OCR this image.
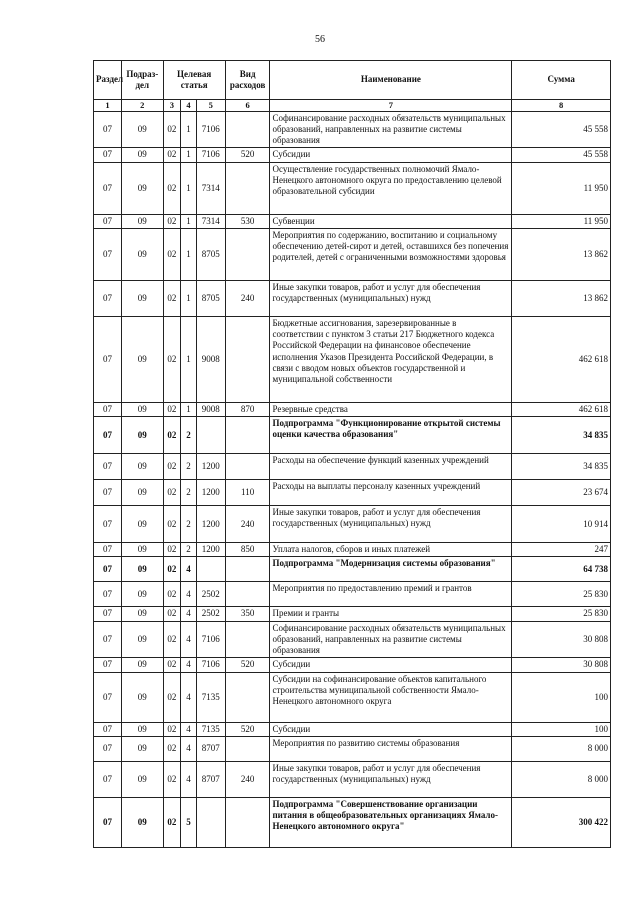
56
Раздел	Подраз-дел	Целевая статья			Вид расходов	Наименование	Сумма
1	2	3	4	5	6	7	8
07	09	02	1	7106		Софинансирование расходных обязательств муниципальных образований, направленных на развитие системы образования	45 558
07	09	02	1	7106	520	Субсидии	45 558
07	09	02	1	7314		Осуществление государственных полномочий Ямало-Ненецкого автономного округа по предоставлению целевой образовательной субсидии	11 950
07	09	02	1	7314	530	Субвенции	11 950
07	09	02	1	8705		Мероприятия по содержанию, воспитанию и социальному обеспечению детей-сирот и детей, оставшихся без попечения родителей, детей с ограниченными возможностями здоровья	13 862
07	09	02	1	8705	240	Иные закупки товаров, работ и услуг для обеспечения государственных (муниципальных) нужд	13 862
07	09	02	1	9008		Бюджетные ассигнования, зарезервированные в соответствии с пунктом 3 статьи 217 Бюджетного кодекса Российской Федерации на финансовое обеспечение исполнения Указов Президента Российской Федерации, в связи с вводом новых объектов государственной и муниципальной собственности	462 618
07	09	02	1	9008	870	Резервные средства	462 618
07	09	02	2			Подпрограмма "Функционирование открытой системы оценки качества образования"	34 835
07	09	02	2	1200		Расходы на обеспечение функций казенных учреждений	34 835
07	09	02	2	1200	110	Расходы на выплаты персоналу казенных учреждений	23 674
07	09	02	2	1200	240	Иные закупки товаров, работ и услуг для обеспечения государственных (муниципальных) нужд	10 914
07	09	02	2	1200	850	Уплата налогов, сборов и иных платежей	247
07	09	02	4			Подпрограмма "Модернизация системы образования"	64 738
07	09	02	4	2502		Мероприятия по предоставлению премий и грантов	25 830
07	09	02	4	2502	350	Премии и гранты	25 830
07	09	02	4	7106		Софинансирование расходных обязательств муниципальных образований, направленных на развитие системы образования	30 808
07	09	02	4	7106	520	Субсидии	30 808
07	09	02	4	7135		Субсидии на софинансирование объектов капитального строительства муниципальной собственности Ямало-Ненецкого автономного округа	100
07	09	02	4	7135	520	Субсидии	100
07	09	02	4	8707		Мероприятия по развитию системы образования	8 000
07	09	02	4	8707	240	Иные закупки товаров, работ и услуг для обеспечения государственных (муниципальных) нужд	8 000
07	09	02	5			Подпрограмма "Совершенствование организации питания в общеобразовательных организациях Ямало-Ненецкого автономного округа"	300 422
